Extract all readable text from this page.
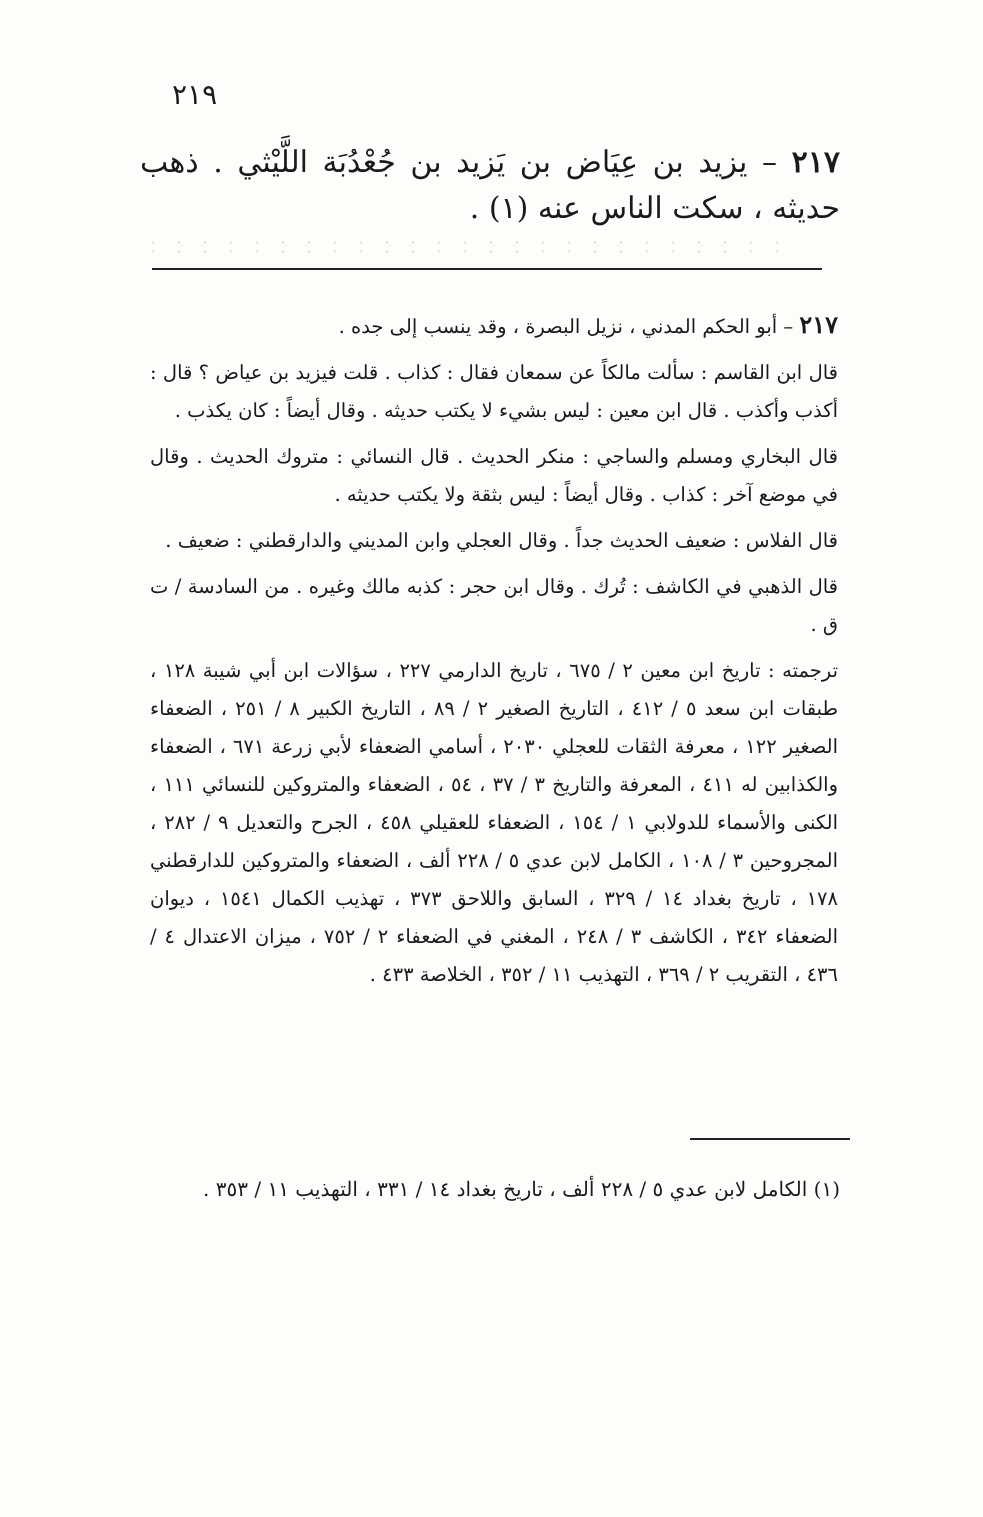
٢١٩
٢١٧ – يزيد بن عِيَاض بن يَزيد بن جُعْدُبَة اللَّيْثي . ذهب حديثه ، سكت الناس عنه (١) .

٢١٧ – أبو الحكم المدني ، نزيل البصرة ، وقد ينسب إلى جده .

قال ابن القاسم : سألت مالكاً عن سمعان فقال : كذاب . قلت فيزيد بن عياض ؟ قال : أكذب وأكذب . قال ابن معين : ليس بشيء لا يكتب حديثه . وقال أيضاً : كان يكذب .

قال البخاري ومسلم والساجي : منكر الحديث . قال النسائي : متروك الحديث . وقال في موضع آخر : كذاب . وقال أيضاً : ليس بثقة ولا يكتب حديثه .

قال الفلاس : ضعيف الحديث جداً . وقال العجلي وابن المديني والدارقطني : ضعيف .

قال الذهبي في الكاشف : تُرك . وقال ابن حجر : كذبه مالك وغيره . من السادسة / ت ق .

ترجمته : تاريخ ابن معين ٢ / ٦٧٥ ، تاريخ الدارمي ٢٢٧ ، سؤالات ابن أبي شيبة ١٢٨ ، طبقات ابن سعد ٥ / ٤١٢ ، التاريخ الصغير ٢ / ٨٩ ، التاريخ الكبير ٨ / ٢٥١ ، الضعفاء الصغير ١٢٢ ، معرفة الثقات للعجلي ٢٠٣٠ ، أسامي الضعفاء لأبي زرعة ٦٧١ ، الضعفاء والكذابين له ٤١١ ، المعرفة والتاريخ ٣ / ٣٧ ، ٥٤ ، الضعفاء والمتروكين للنسائي ١١١ ، الكنى والأسماء للدولابي ١ / ١٥٤ ، الضعفاء للعقيلي ٤٥٨ ، الجرح والتعديل ٩ / ٢٨٢ ، المجروحين ٣ / ١٠٨ ، الكامل لابن عدي ٥ / ٢٢٨ ألف ، الضعفاء والمتروكين للدارقطني ١٧٨ ، تاريخ بغداد ١٤ / ٣٢٩ ، السابق واللاحق ٣٧٣ ، تهذيب الكمال ١٥٤١ ، ديوان الضعفاء ٣٤٢ ، الكاشف ٣ / ٢٤٨ ، المغني في الضعفاء ٢ / ٧٥٢ ، ميزان الاعتدال ٤ / ٤٣٦ ، التقريب ٢ / ٣٦٩ ، التهذيب ١١ / ٣٥٢ ، الخلاصة ٤٣٣ .

(١) الكامل لابن عدي ٥ / ٢٢٨ ألف ، تاريخ بغداد ١٤ / ٣٣١ ، التهذيب ١١ / ٣٥٣ .
